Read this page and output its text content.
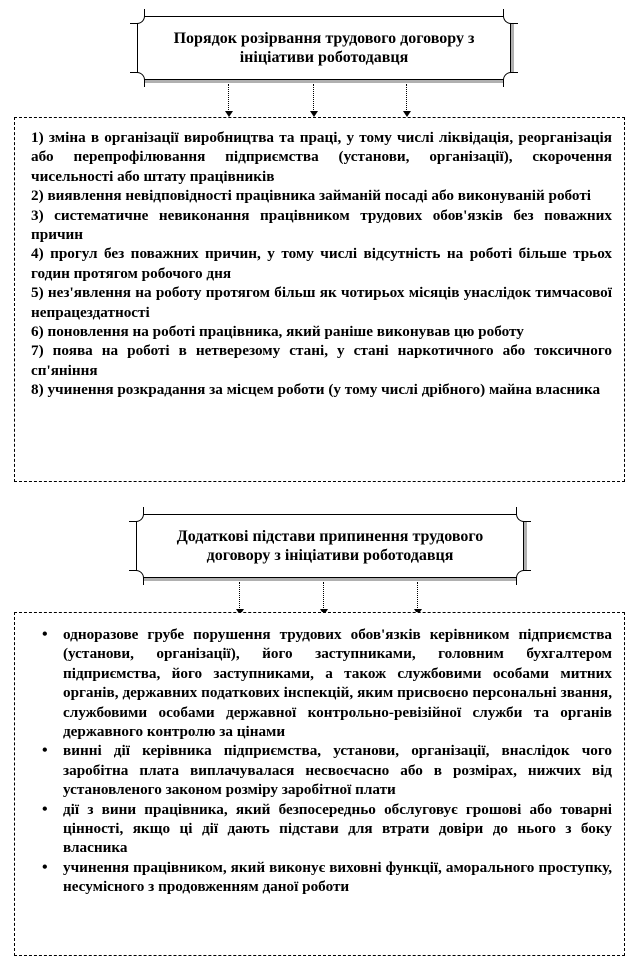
Порядок розірвання трудового договору з ініціативи роботодавця

1) зміна в організації виробництва та праці, у тому числі ліквідація, реорганізація або перепрофілювання підприємства (установи, організації), скорочення чисельності або штату працівників

2) виявлення невідповідності працівника займаній посаді або виконуваній роботі

3) систематичне невиконання працівником трудових обов'язків без поважних причин

4) прогул без поважних причин, у тому числі відсутність на роботі більше трьох годин протягом робочого дня

5) нез'явлення на роботу протягом більш як чотирьох місяців унаслідок тимчасової непрацездатності

6) поновлення на роботі працівника, який раніше виконував цю роботу

7) поява на роботі в нетверезому стані, у стані наркотичного або токсичного сп'яніння

8) учинення розкрадання за місцем роботи (у тому числі дрібного) майна власника

Додаткові підстави припинення трудового договору з ініціативи роботодавця
• одноразове грубе порушення трудових обов'язків керівником підприємства (установи, організації), його заступниками, головним бухгалтером підприємства, його заступниками, а також службовими особами митних органів, державних податкових інспекцій, яким присвоєно персональні звання, службовими особами державної контрольно-ревізійної служби та органів державного контролю за цінами
• винні дії керівника підприємства, установи, організації, внаслідок чого заробітна плата виплачувалася несвоєчасно або в розмірах, нижчих від установленого законом розміру заробітної плати
• дії з вини працівника, який безпосередньо обслуговує грошові або товарні цінності, якщо ці дії дають підстави для втрати довіри до нього з боку власника
• учинення працівником, який виконує виховні функції, аморального проступку, несумісного з продовженням даної роботи
